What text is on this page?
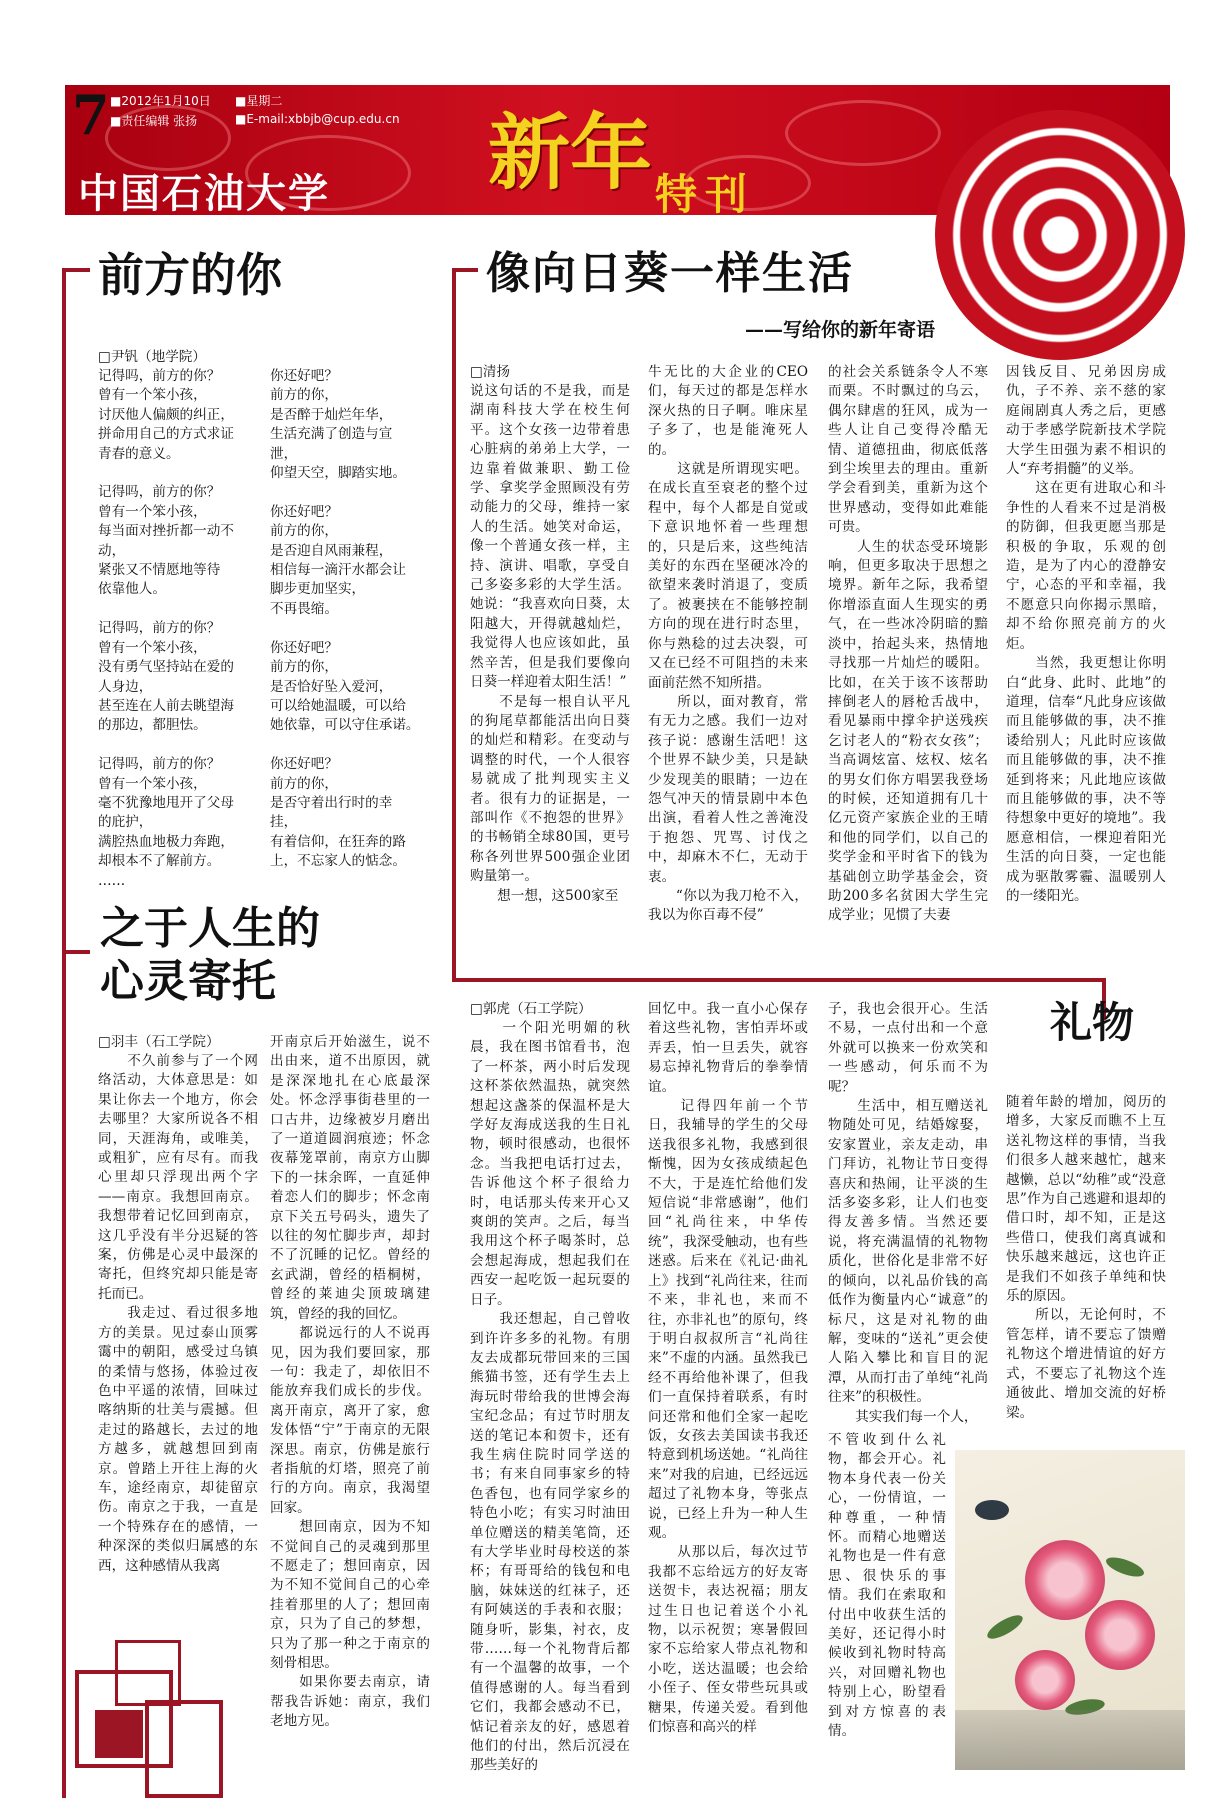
7 ■2012年1月10日 ■星期二
■责任编辑 张扬	■E-mail:xbbjb@cup.edu.cn
中国石油大学 新年 特刊
前方的你
□尹钒（地学院）
记得吗，前方的你？
曾有一个笨小孩，
讨厌他人偏颇的纠正，
拼命用自己的方式求证
青春的意义。

记得吗，前方的你？
曾有一个笨小孩，
每当面对挫折都一动不
动，
紧张又不情愿地等待
依靠他人。

记得吗，前方的你？
曾有一个笨小孩，
没有勇气坚持站在爱的
人身边，
甚至连在人前去眺望海
的那边，都胆怯。

记得吗，前方的你？
曾有一个笨小孩，
毫不犹豫地甩开了父母
的庇护，
满腔热血地极力奔跑，
却根本不了解前方。
……
你还好吧？
前方的你，
是否醉于灿烂年华，
生活充满了创造与宣
泄，
仰望天空，脚踏实地。

你还好吧？
前方的你，
是否迎自风雨兼程，
相信每一滴汗水都会让
脚步更加坚实，
不再畏缩。

你还好吧？
前方的你，
是否恰好坠入爱河，
可以给她温暖，可以给
她依靠，可以守住承诺。

你还好吧？
前方的你，
是否守着出行时的幸
挂，
有着信仰，在狂奔的路
上，不忘家人的惦念。
像向日葵一样生活
——写给你的新年寄语
□清扬
说这句话的不是我，而是湖南科技大学在校生何平。这个女孩一边带着患心脏病的弟弟上大学，一边靠着做兼职、勤工俭学、拿奖学金照顾没有劳动能力的父母，维持一家人的生活。她笑对命运，像一个普通女孩一样，主持、演讲、唱歌，享受自己多姿多彩的大学生活。她说：“我喜欢向日葵，太阳越大，开得就越灿烂，我觉得人也应该如此，虽然辛苦，但是我们要像向日葵一样迎着太阳生活！”
　　不是每一根自认平凡的狗尾草都能活出向日葵的灿烂和精彩。在变动与调整的时代，一个人很容易就成了批判现实主义者。很有力的证据是，一部叫作《不抱怨的世界》的书畅销全球80国，更号称各列世界500强企业团购量第一。
　　想一想，这500家至
牛无比的大企业的CEO们，每天过的都是怎样水深火热的日子啊。唯床星子多了，也是能淹死人的。
　　这就是所谓现实吧。在成长直至衰老的整个过程中，每个人都是自觉或下意识地怀着一些理想的，只是后来，这些纯洁美好的东西在坚硬冰冷的欲望来袭时消退了，变质了。被裹挟在不能够控制方向的现在进行时态里，你与熟稔的过去决裂，可又在已经不可阻挡的未来面前茫然不知所措。
　　所以，面对教育，常有无力之感。我们一边对孩子说：感谢生活吧！这个世界不缺少美，只是缺少发现美的眼睛；一边在怨气冲天的情景剧中本色出演，看着人性之善淹没于抱怨、咒骂、讨伐之中，却麻木不仁，无动于衷。
　　“你以为我刀枪不入，我以为你百毒不侵”
的社会关系链条令人不寒而栗。不时飘过的乌云，偶尔肆虐的狂风，成为一些人让自己变得冷酷无情、道德扭曲，彻底低落到尘埃里去的理由。重新学会看到美，重新为这个世界感动，变得如此难能可贵。
　　人生的状态受环境影响，但更多取决于思想之境界。新年之际，我希望你增添直面人生现实的勇气，在一些冰冷阴暗的黯淡中，抬起头来，热情地寻找那一片灿烂的暖阳。比如，在关于该不该帮助摔倒老人的唇枪舌战中，看见暴雨中撑伞护送残疾乞讨老人的“粉衣女孩”；当高调炫富、炫权、炫名的男女们你方唱罢我登场的时候，还知道拥有几十亿元资产家族企业的王晴和他的同学们，以自己的奖学金和平时省下的钱为基础创立助学基金会，资助200多名贫困大学生完成学业；见惯了夫妻
因钱反目、兄弟因房成仇，子不养、亲不慈的家庭闹剧真人秀之后，更感动于孝感学院新技术学院大学生田强为素不相识的人“弃考捐髓”的义举。
　　这在更有进取心和斗争性的人看来不过是消极的防御，但我更愿当那是积极的争取，乐观的创造，是为了内心的澄静安宁，心态的平和幸福，我不愿意只向你揭示黑暗，却不给你照亮前方的火炬。
　　当然，我更想让你明白“此身、此时、此地”的道理，信奉“凡此身应该做而且能够做的事，决不推诿给别人；凡此时应该做而且能够做的事，决不推延到将来；凡此地应该做而且能够做的事，决不等待想象中更好的境地”。我愿意相信，一棵迎着阳光生活的向日葵，一定也能成为驱散雾霾、温暖别人的一缕阳光。
之于人生的
心灵寄托
□羽丰（石工学院）
　　不久前参与了一个网络活动，大体意思是：如果让你去一个地方，你会去哪里？大家所说各不相同，天涯海角，或唯美，或粗犷，应有尽有。而我心里却只浮现出两个字——南京。我想回南京。我想带着记忆回到南京，这几乎没有半分迟疑的答案，仿佛是心灵中最深的寄托，但终究却只能是寄托而已。
　　我走过、看过很多地方的美景。见过泰山顶雾霭中的朝阳，感受过乌镇的柔情与悠扬，体验过夜色中平遥的浓情，回味过喀纳斯的壮美与震撼。但走过的路越长，去过的地方越多，就越想回到南京。曾踏上开往上海的火车，途经南京，却徒留京伤。南京之于我，一直是一个特殊存在的感情，一种深深的类似归属感的东西，这种感情从我离
开南京后开始滋生，说不出由来，道不出原因，就是深深地扎在心底最深处。怀念浮事街巷里的一口古井，边缘被岁月磨出了一道道圆润痕迹；怀念夜幕笼罩前，南京方山脚下的一抹余晖，一直延伸着恋人们的脚步；怀念南京下关五号码头，遗失了以往的匆忙脚步声，却封不了沉睡的记忆。曾经的玄武湖，曾经的梧桐树，曾经的莱迪尖顶玻璃建筑，曾经的我的回忆。
　　都说远行的人不说再见，因为我们要回家，那一句：我走了，却依旧不能放弃我们成长的步伐。离开南京，离开了家，愈发体悟“宁”于南京的无限深思。南京，仿佛是旅行者指航的灯塔，照亮了前行的方向。南京，我渴望回家。
　　想回南京，因为不知不觉间自己的灵魂到那里不愿走了；想回南京，因为不知不觉间自己的心牵挂着那里的人了；想回南京，只为了自己的梦想，只为了那一种之于南京的刻骨相思。
　　如果你要去南京，请帮我告诉她：南京，我们老地方见。
礼物
□郭虎（石工学院）
　　一个阳光明媚的秋晨，我在图书馆看书，泡了一杯茶，两小时后发现这杯茶依然温热，就突然想起这盏茶的保温杯是大学好友海成送我的生日礼物，顿时很感动，也很怀念。当我把电话打过去，告诉他这个杯子很给力时，电话那头传来开心又爽朗的笑声。之后，每当我用这个杯子喝茶时，总会想起海成，想起我们在西安一起吃饭一起玩耍的日子。
　　我还想起，自己曾收到许许多多的礼物。有朋友去成都玩带回来的三国熊猫书签，还有学生去上海玩时带给我的世博会海宝纪念品；有过节时朋友送的笔记本和贺卡，还有我生病住院时同学送的书；有来自同事家乡的特色香包，也有同学家乡的特色小吃；有实习时油田单位赠送的精美笔筒，还有大学毕业时母校送的茶杯；有哥哥给的钱包和电脑，妹妹送的红袜子，还有阿姨送的手表和衣服；随身听，影集，衬衣，皮带……每一个礼物背后都有一个温馨的故事，一个值得感谢的人。每当看到它们，我都会感动不已，惦记着亲友的好，感恩着他们的付出，然后沉浸在那些美好的
回忆中。我一直小心保存着这些礼物，害怕弄坏或弄丢，怕一旦丢失，就容易忘掉礼物背后的拳拳情谊。
　　记得四年前一个节日，我辅导的学生的父母送我很多礼物，我感到很惭愧，因为女孩成绩起色不大，于是连忙给他们发短信说“非常感谢”，他们回“礼尚往来，中华传统”，我深受触动，也有些迷惑。后来在《礼记·曲礼上》找到“礼尚往来，往而不来，非礼也，来而不往，亦非礼也”的原句，终于明白叔叔所言“礼尚往来”不虚的内涵。虽然我已经不再给他补课了，但我们一直保持着联系，有时问还常和他们全家一起吃饭，女孩去美国读书我还特意到机场送她。“礼尚往来”对我的启迪，已经远远超过了礼物本身，等张点说，已经上升为一种人生观。
　　从那以后，每次过节我都不忘给远方的好友寄送贺卡，表达祝福；朋友过生日也记着送个小礼物，以示祝贺；寒暑假回家不忘给家人带点礼物和小吃，送达温暖；也会给小侄子、侄女带些玩具或糖果，传递关爱。看到他们惊喜和高兴的样
子，我也会很开心。生活不易，一点付出和一个意外就可以换来一份欢笑和一些感动，何乐而不为呢？
　　生活中，相互赠送礼物随处可见，结婚嫁娶，安家置业，亲友走动，串门拜访，礼物让节日变得喜庆和热闹，让平淡的生活多姿多彩，让人们也变得友善多情。当然还要说，将充满温情的礼物物质化，世俗化是非常不好的倾向，以礼品价钱的高低作为衡量内心“诚意”的标尺，这是对礼物的曲解，变味的“送礼”更会使人陷入攀比和盲目的泥潭，从而打击了单纯“礼尚往来”的积极性。
　　其实我们每一个人，
不管收到什么礼物，都会开心。礼物本身代表一份关心，一份情谊，一种尊重，一种情怀。而精心地赠送礼物也是一件有意思、很快乐的事情。我们在索取和付出中收获生活的美好，还记得小时候收到礼物时特高兴，对回赠礼物也特别上心，盼望看到对方惊喜的表情。
随着年龄的增加，阅历的增多，大家反而瞧不上互送礼物这样的事情，当我们很多人越来越忙，越来越懒，总以“幼稚”或“没意思”作为自己逃避和退却的借口时，却不知，正是这些借口，使我们离真诚和快乐越来越远，这也许正是我们不如孩子单纯和快乐的原因。
　　所以，无论何时，不管怎样，请不要忘了馈赠礼物这个增进情谊的好方式，不要忘了礼物这个连通彼此、增加交流的好桥梁。
